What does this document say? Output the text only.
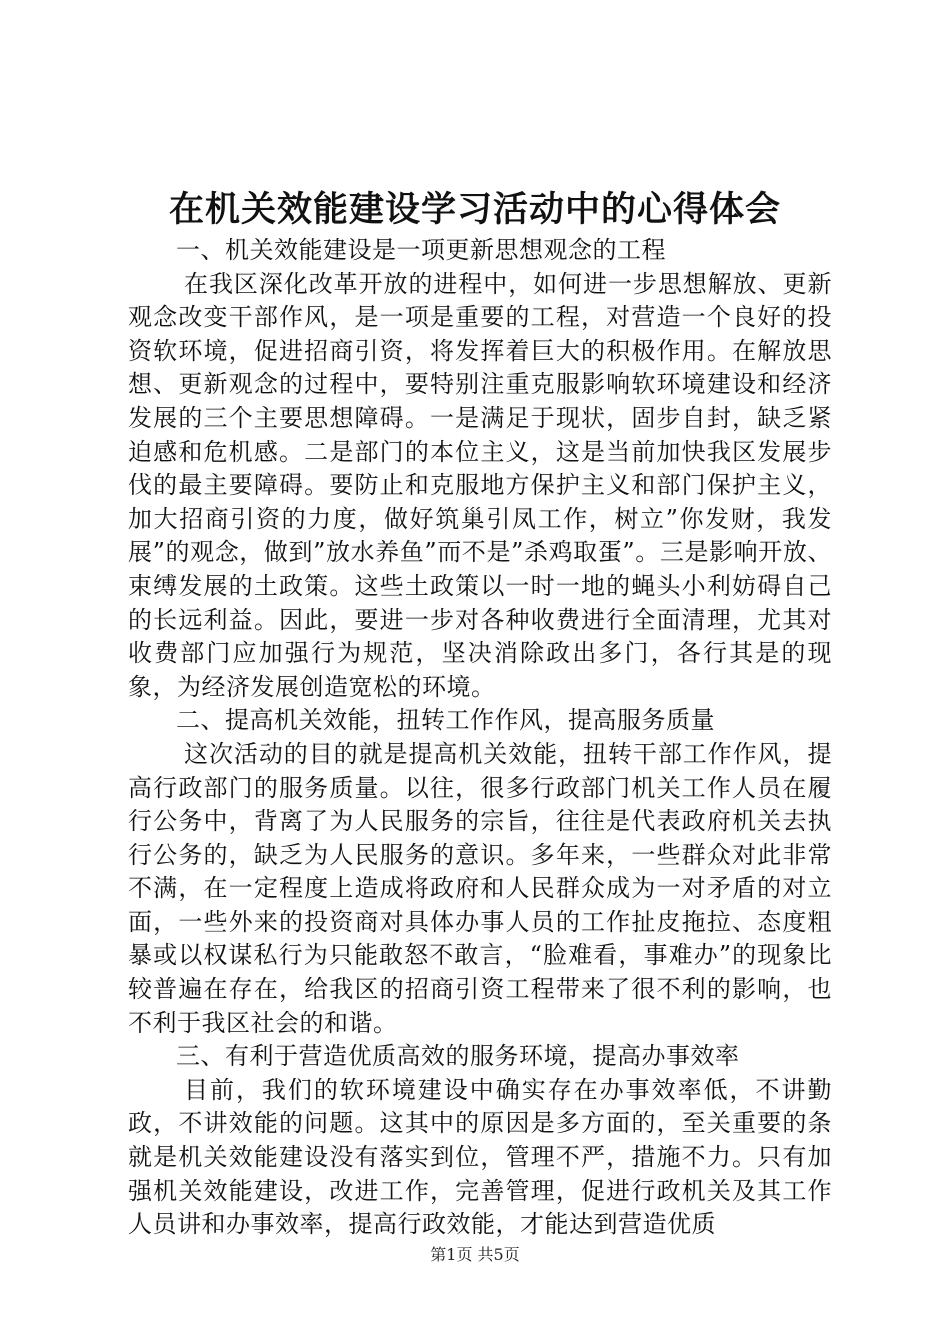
在机关效能建设学习活动中的心得体会

一、机关效能建设是一项更新思想观念的工程

在我区深化改革开放的进程中，如何进一步思想解放、更新观念改变干部作风，是一项是重要的工程，对营造一个良好的投资软环境，促进招商引资，将发挥着巨大的积极作用。在解放思想、更新观念的过程中，要特别注重克服影响软环境建设和经济发展的三个主要思想障碍。一是满足于现状，固步自封，缺乏紧迫感和危机感。二是部门的本位主义，这是当前加快我区发展步伐的最主要障碍。要防止和克服地方保护主义和部门保护主义，加大招商引资的力度，做好筑巢引凤工作，树立”你发财，我发展”的观念，做到”放水养鱼”而不是”杀鸡取蛋”。三是影响开放、束缚发展的土政策。这些土政策以一时一地的蝇头小利妨碍自己的长远利益。因此，要进一步对各种收费进行全面清理，尤其对收费部门应加强行为规范，坚决消除政出多门，各行其是的现象，为经济发展创造宽松的环境。

二、提高机关效能，扭转工作作风，提高服务质量

这次活动的目的就是提高机关效能，扭转干部工作作风，提高行政部门的服务质量。以往，很多行政部门机关工作人员在履行公务中，背离了为人民服务的宗旨，往往是代表政府机关去执行公务的，缺乏为人民服务的意识。多年来，一些群众对此非常不满，在一定程度上造成将政府和人民群众成为一对矛盾的对立面，一些外来的投资商对具体办事人员的工作扯皮拖拉、态度粗暴或以权谋私行为只能敢怒不敢言，“脸难看，事难办”的现象比较普遍在存在，给我区的招商引资工程带来了很不利的影响，也不利于我区社会的和谐。

三、有利于营造优质高效的服务环境，提高办事效率

目前，我们的软环境建设中确实存在办事效率低，不讲勤政，不讲效能的问题。这其中的原因是多方面的，至关重要的条就是机关效能建设没有落实到位，管理不严，措施不力。只有加强机关效能建设，改进工作，完善管理，促进行政机关及其工作人员讲和办事效率，提高行政效能，才能达到营造优质

第1页 共5页
